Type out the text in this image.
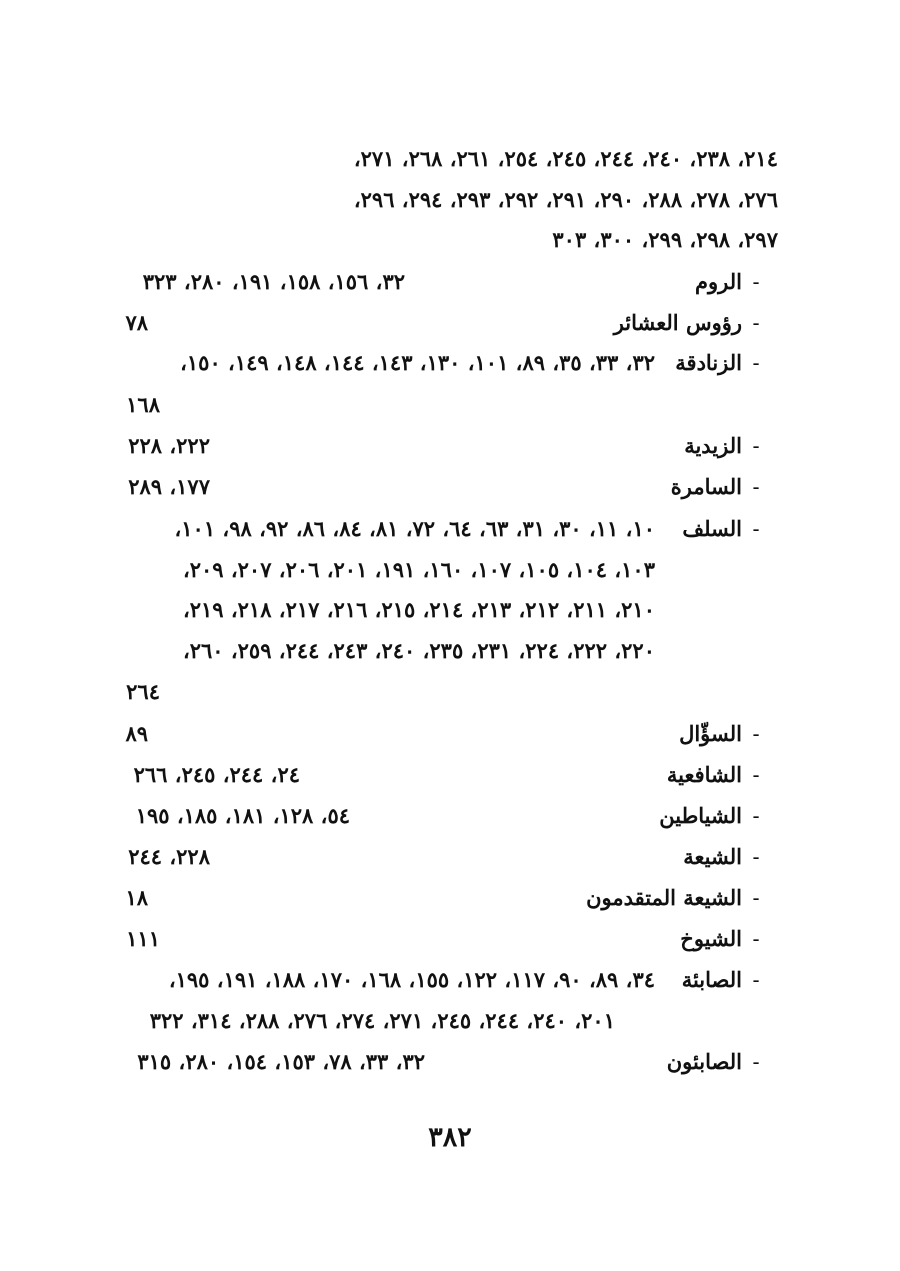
٢١٤، ٢٣٨، ٢٤٠، ٢٤٤، ٢٤٥، ٢٥٤، ٢٦١، ٢٦٨، ٢٧١،
٢٧٦، ٢٧٨، ٢٨٨، ٢٩٠، ٢٩١، ٢٩٢، ٢٩٣، ٢٩٤، ٢٩٦،
٢٩٧، ٢٩٨، ٢٩٩، ٣٠٠، ٣٠٣
-
الروم
٣٢، ١٥٦، ١٥٨، ١٩١، ٢٨٠، ٣٢٣
-
رؤوس العشائر
٧٨
-
الزنادقة
٣٢، ٣٣، ٣٥، ٨٩، ١٠١، ١٣٠، ١٤٣، ١٤٤، ١٤٨، ١٤٩، ١٥٠،
١٦٨
-
الزيدية
٢٢٢، ٢٢٨
-
السامرة
١٧٧، ٢٨٩
-
السلف
١٠، ١١، ٣٠، ٣١، ٦٣، ٦٤، ٧٢، ٨١، ٨٤، ٨٦، ٩٢، ٩٨، ١٠١،
١٠٣، ١٠٤، ١٠٥، ١٠٧، ١٦٠، ١٩١، ٢٠١، ٢٠٦، ٢٠٧، ٢٠٩،
٢١٠، ٢١١، ٢١٢، ٢١٣، ٢١٤، ٢١٥، ٢١٦، ٢١٧، ٢١٨، ٢١٩،
٢٢٠، ٢٢٢، ٢٢٤، ٢٣١، ٢٣٥، ٢٤٠، ٢٤٣، ٢٤٤، ٢٥٩، ٢٦٠،
٢٦٤
-
السؤّال
٨٩
-
الشافعية
٢٤، ٢٤٤، ٢٤٥، ٢٦٦
-
الشياطين
٥٤، ١٢٨، ١٨١، ١٨٥، ١٩٥
-
الشيعة
٢٢٨، ٢٤٤
-
الشيعة المتقدمون
١٨
-
الشيوخ
١١١
-
الصابئة
٣٤، ٨٩، ٩٠، ١١٧، ١٢٢، ١٥٥، ١٦٨، ١٧٠، ١٨٨، ١٩١، ١٩٥،
٢٠١، ٢٤٠، ٢٤٤، ٢٤٥، ٢٧١، ٢٧٤، ٢٧٦، ٢٨٨، ٣١٤، ٣٢٢
-
الصابئون
٣٢، ٣٣، ٧٨، ١٥٣، ١٥٤، ٢٨٠، ٣١٥
٣٨٢
